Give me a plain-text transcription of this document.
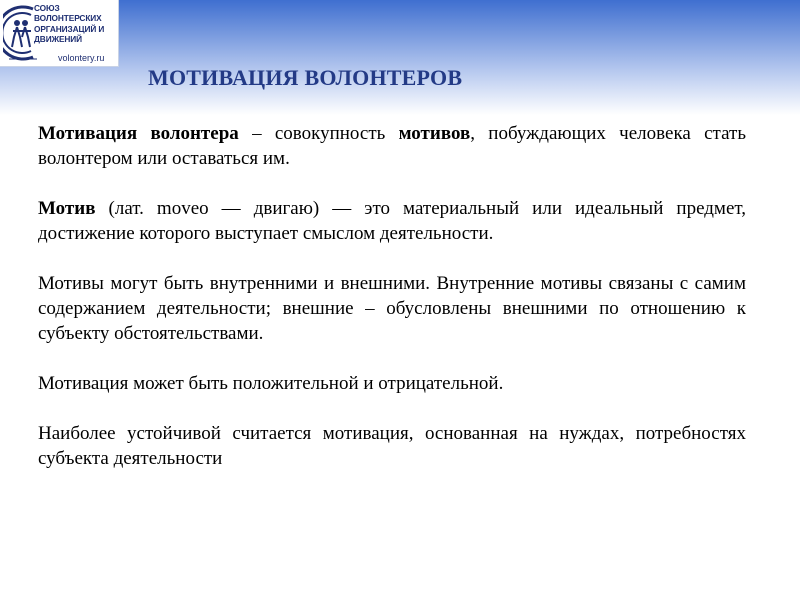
СОЮЗ
ВОЛОНТЕРСКИХ
ОРГАНИЗАЦИЙ И
ДВИЖЕНИЙ
volontery.ru
МОТИВАЦИЯ ВОЛОНТЕРОВ

Мотивация волонтера – совокупность мотивов, побуждающих человека стать волонтером или оставаться им.

Мотив (лат. moveo — двигаю) — это материальный или идеальный предмет, достижение которого выступает смыслом деятельности.

Мотивы могут быть внутренними и внешними. Внутренние мотивы связаны с самим содержанием деятельности; внешние – обусловлены внешними по отношению к субъекту обстоятельствами.

Мотивация может быть положительной и отрицательной.

Наиболее устойчивой считается мотивация, основанная на нуждах, потребностях субъекта деятельности
